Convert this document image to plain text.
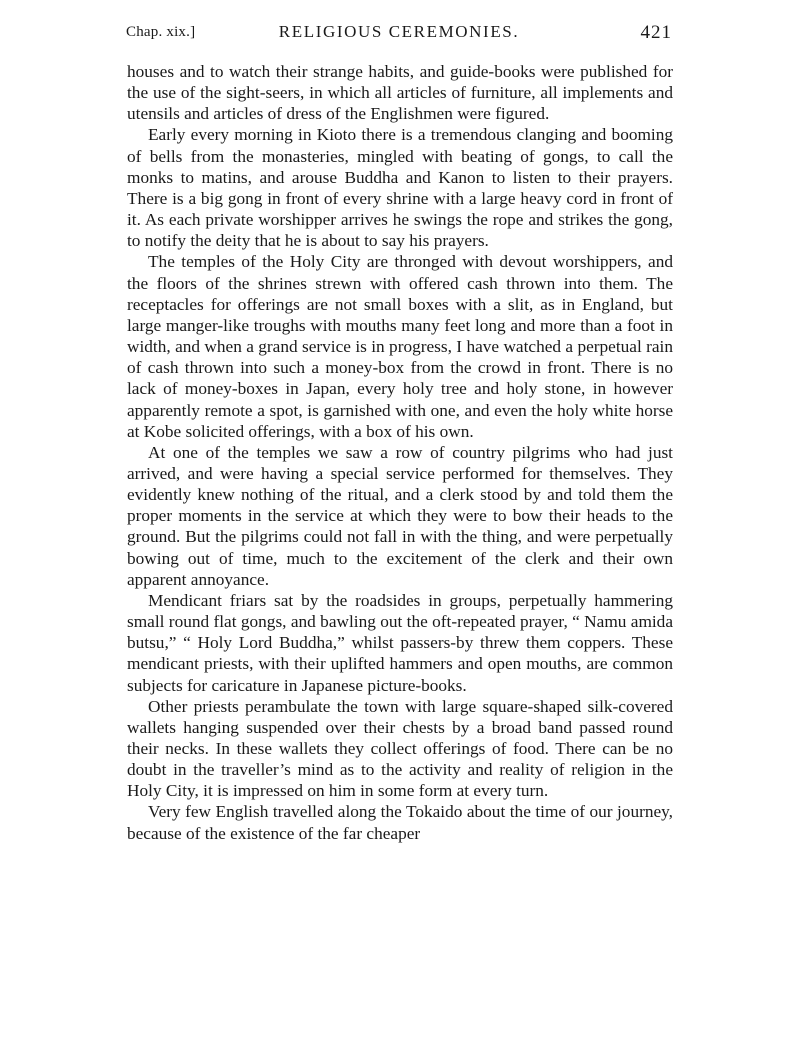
Chap. xix.]	RELIGIOUS CEREMONIES.	421

houses and to watch their strange habits, and guide-books were published for the use of the sight-seers, in which all articles of furniture, all implements and utensils and articles of dress of the Englishmen were figured.

Early every morning in Kioto there is a tremendous clanging and booming of bells from the monasteries, mingled with beating of gongs, to call the monks to matins, and arouse Buddha and Kanon to listen to their prayers. There is a big gong in front of every shrine with a large heavy cord in front of it. As each private worshipper arrives he swings the rope and strikes the gong, to notify the deity that he is about to say his prayers.

The temples of the Holy City are thronged with devout worshippers, and the floors of the shrines strewn with offered cash thrown into them. The receptacles for offerings are not small boxes with a slit, as in England, but large manger-like troughs with mouths many feet long and more than a foot in width, and when a grand service is in progress, I have watched a perpetual rain of cash thrown into such a money-box from the crowd in front. There is no lack of money-boxes in Japan, every holy tree and holy stone, in however apparently remote a spot, is garnished with one, and even the holy white horse at Kobe solicited offerings, with a box of his own.

At one of the temples we saw a row of country pilgrims who had just arrived, and were having a special service performed for themselves. They evidently knew nothing of the ritual, and a clerk stood by and told them the proper moments in the service at which they were to bow their heads to the ground. But the pilgrims could not fall in with the thing, and were perpetually bowing out of time, much to the excitement of the clerk and their own apparent annoyance.

Mendicant friars sat by the roadsides in groups, perpetually hammering small round flat gongs, and bawling out the oft-repeated prayer, “ Namu amida butsu,” “ Holy Lord Buddha,” whilst passers-by threw them coppers. These mendicant priests, with their uplifted hammers and open mouths, are common subjects for caricature in Japanese picture-books.

Other priests perambulate the town with large square-shaped silk-covered wallets hanging suspended over their chests by a broad band passed round their necks. In these wallets they collect offerings of food. There can be no doubt in the traveller’s mind as to the activity and reality of religion in the Holy City, it is impressed on him in some form at every turn.

Very few English travelled along the Tokaido about the time of our journey, because of the existence of the far cheaper
